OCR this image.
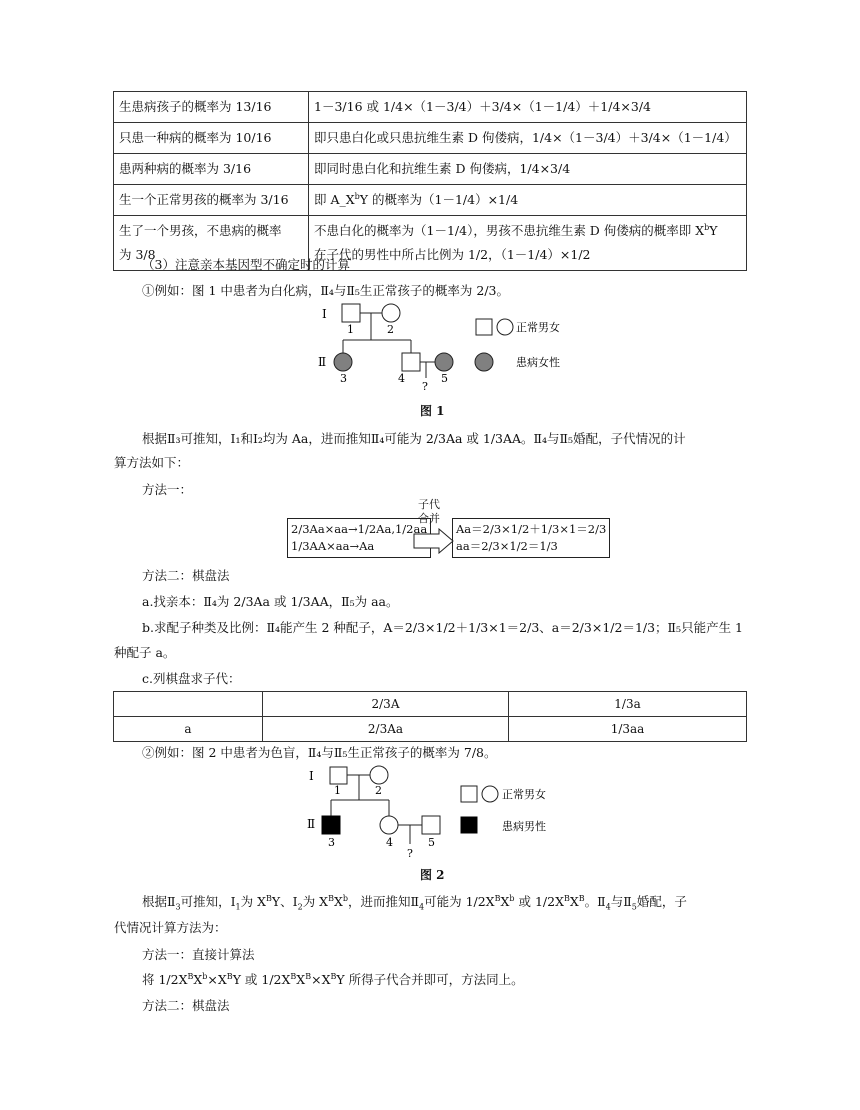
生患病孩子的概率为 13/16	1－3/16 或 1/4×（1－3/4）＋3/4×（1－1/4）＋1/4×3/4
只患一种病的概率为 10/16	即只患白化或只患抗维生素 D 佝偻病，1/4×（1－3/4）＋3/4×（1－1/4）
患两种病的概率为 3/16	即同时患白化和抗维生素 D 佝偻病，1/4×3/4
生一个正常男孩的概率为 3/16	即 $A\_X^bY$ 的概率为（1－1/4）×1/4
生了一个男孩，不患病的概率
为 3/8	不患白化的概率为（1－1/4），男孩不患抗维生素 D 佝偻病的概率即 $X^bY$
在子代的男性中所占比例为 1/2，（1－1/4）×1/2
（3）注意亲本基因型不确定时的计算
①例如：图 1 中患者为白化病，Ⅱ₄与Ⅱ₅生正常孩子的概率为 2/3。
Ⅰ
1	2
Ⅱ
3	4
?
5
正常男女
患病女性
图 1
根据Ⅱ₃可推知，Ⅰ₁和Ⅰ₂均为 Aa，进而推知Ⅱ₄可能为 2/3Aa 或 1/3AA。Ⅱ₄与Ⅱ₅婚配，子代情况的计
算方法如下：
方法一：
2/3Aa×aa→1/2Aa,1/2aa
1/3AA×aa→Aa
子代
合并
Aa＝2/3×1/2＋1/3×1＝2/3
aa＝2/3×1/2＝1/3
方法二：棋盘法
a.找亲本：Ⅱ₄为 2/3Aa 或 1/3AA，Ⅱ₅为 aa。
b.求配子种类及比例：Ⅱ₄能产生 2 种配子，A＝2/3×1/2＋1/3×1＝2/3、a＝2/3×1/2＝1/3；Ⅱ₅只能产生 1
种配子 a。
c.列棋盘求子代：
	2/3A	1/3a
a	2/3Aa	1/3aa
②例如：图 2 中患者为色盲，Ⅱ₄与Ⅱ₅生正常孩子的概率为 7/8。
Ⅰ
1	2
Ⅱ
3	4
?
5
正常男女
患病男性
图 2
根据$Ⅱ_3$可推知，$Ⅰ_1$为 $X^BY$、$Ⅰ_2$为 $X^BX^b$，进而推知$Ⅱ_4$可能为 $1/2X^BX^b$ 或 $1/2X^BX^B$。$Ⅱ_4$与$Ⅱ_5$婚配，子
代情况计算方法为：
方法一：直接计算法
将 $1/2X^BX^b\times X^BY$ 或 $1/2X^BX^B\times X^BY$ 所得子代合并即可，方法同上。
方法二：棋盘法
